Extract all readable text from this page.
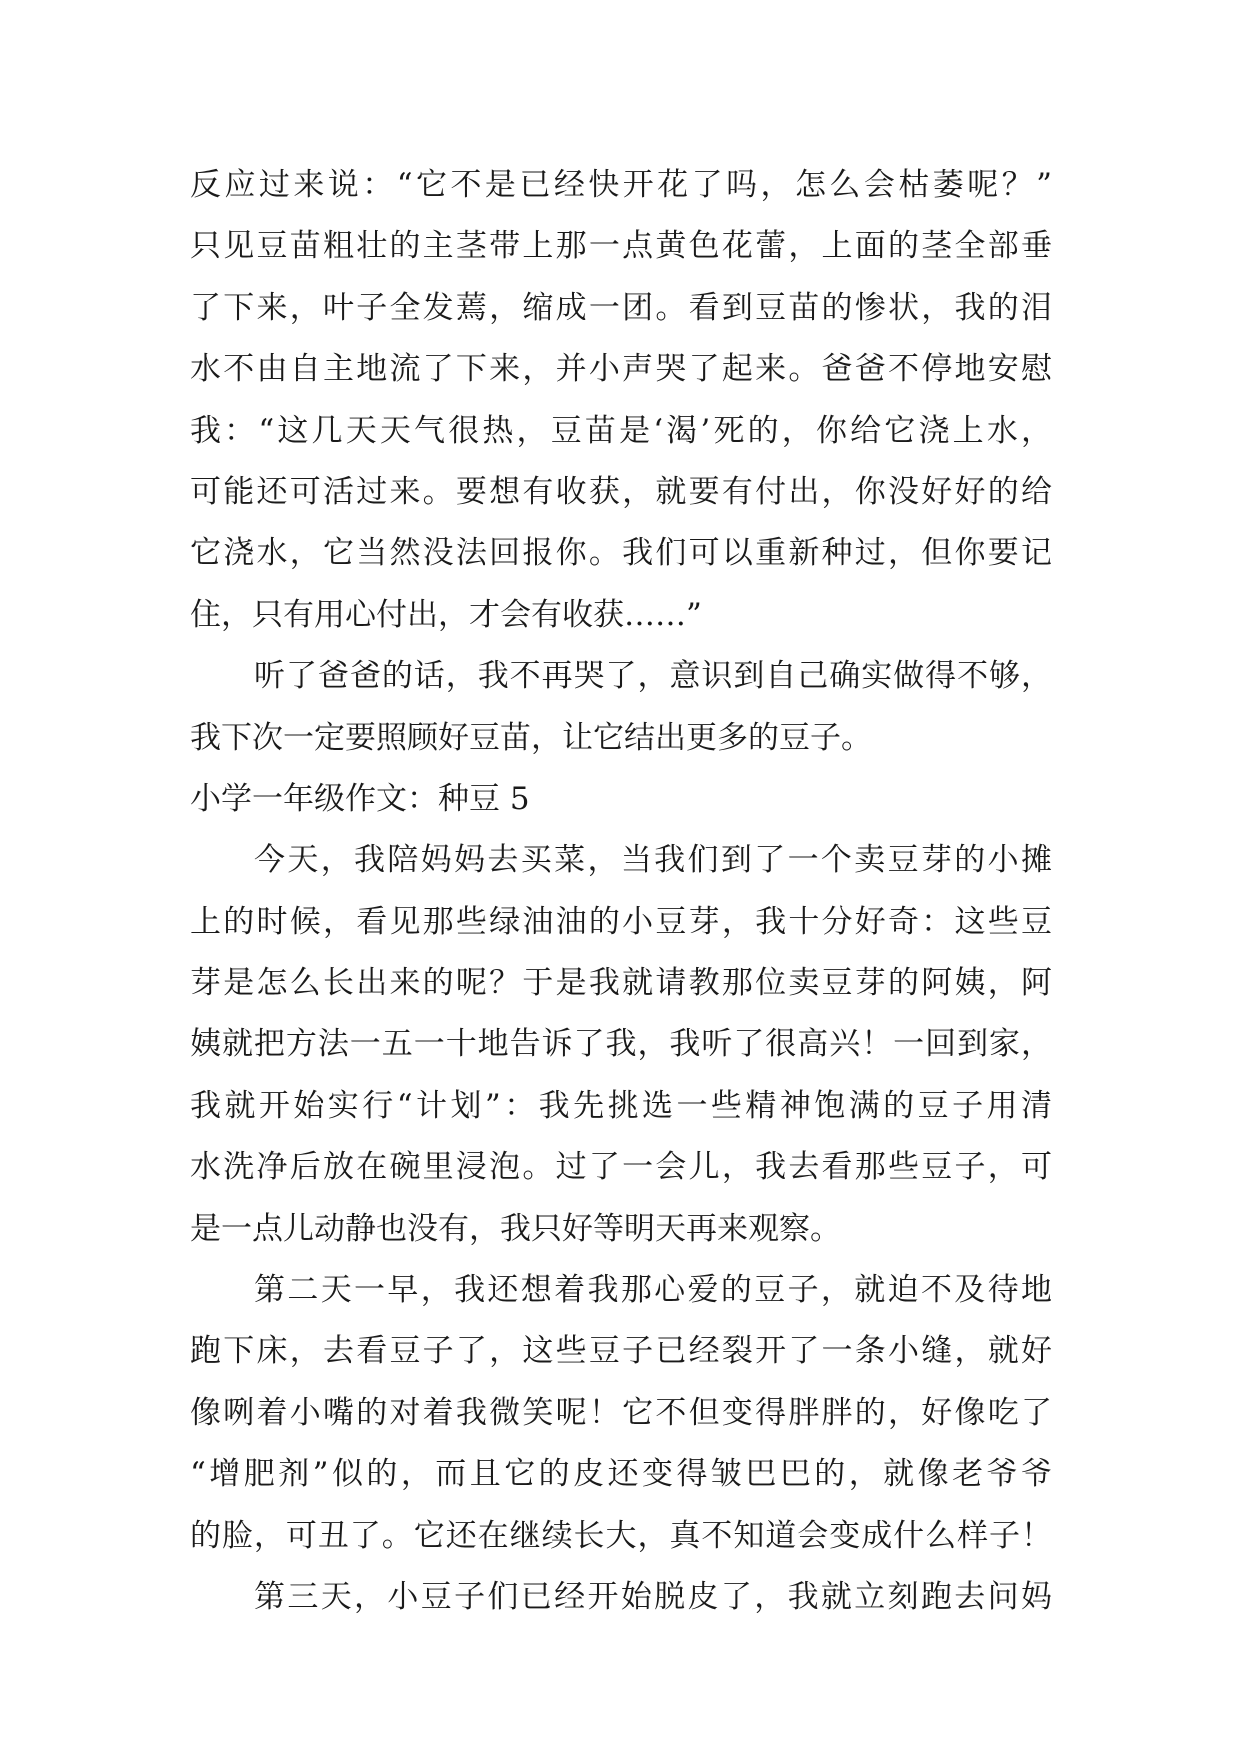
反应过来说：“它不是已经快开花了吗，怎么会枯萎呢？”
只见豆苗粗壮的主茎带上那一点黄色花蕾，上面的茎全部垂
了下来，叶子全发蔫，缩成一团。看到豆苗的惨状，我的泪
水不由自主地流了下来，并小声哭了起来。爸爸不停地安慰
我：“这几天天气很热，豆苗是‘渴’死的，你给它浇上水，
可能还可活过来。要想有收获，就要有付出，你没好好的给
它浇水，它当然没法回报你。我们可以重新种过，但你要记
住，只有用心付出，才会有收获……”
听了爸爸的话，我不再哭了，意识到自己确实做得不够，
我下次一定要照顾好豆苗，让它结出更多的豆子。
小学一年级作文：种豆 5
今天，我陪妈妈去买菜，当我们到了一个卖豆芽的小摊
上的时候，看见那些绿油油的小豆芽，我十分好奇：这些豆
芽是怎么长出来的呢？于是我就请教那位卖豆芽的阿姨，阿
姨就把方法一五一十地告诉了我，我听了很高兴！一回到家，
我就开始实行“计划”：我先挑选一些精神饱满的豆子用清
水洗净后放在碗里浸泡。过了一会儿，我去看那些豆子，可
是一点儿动静也没有，我只好等明天再来观察。
第二天一早，我还想着我那心爱的豆子，就迫不及待地
跑下床，去看豆子了，这些豆子已经裂开了一条小缝，就好
像咧着小嘴的对着我微笑呢！它不但变得胖胖的，好像吃了
“增肥剂”似的，而且它的皮还变得皱巴巴的，就像老爷爷
的脸，可丑了。它还在继续长大，真不知道会变成什么样子！
第三天，小豆子们已经开始脱皮了，我就立刻跑去问妈
